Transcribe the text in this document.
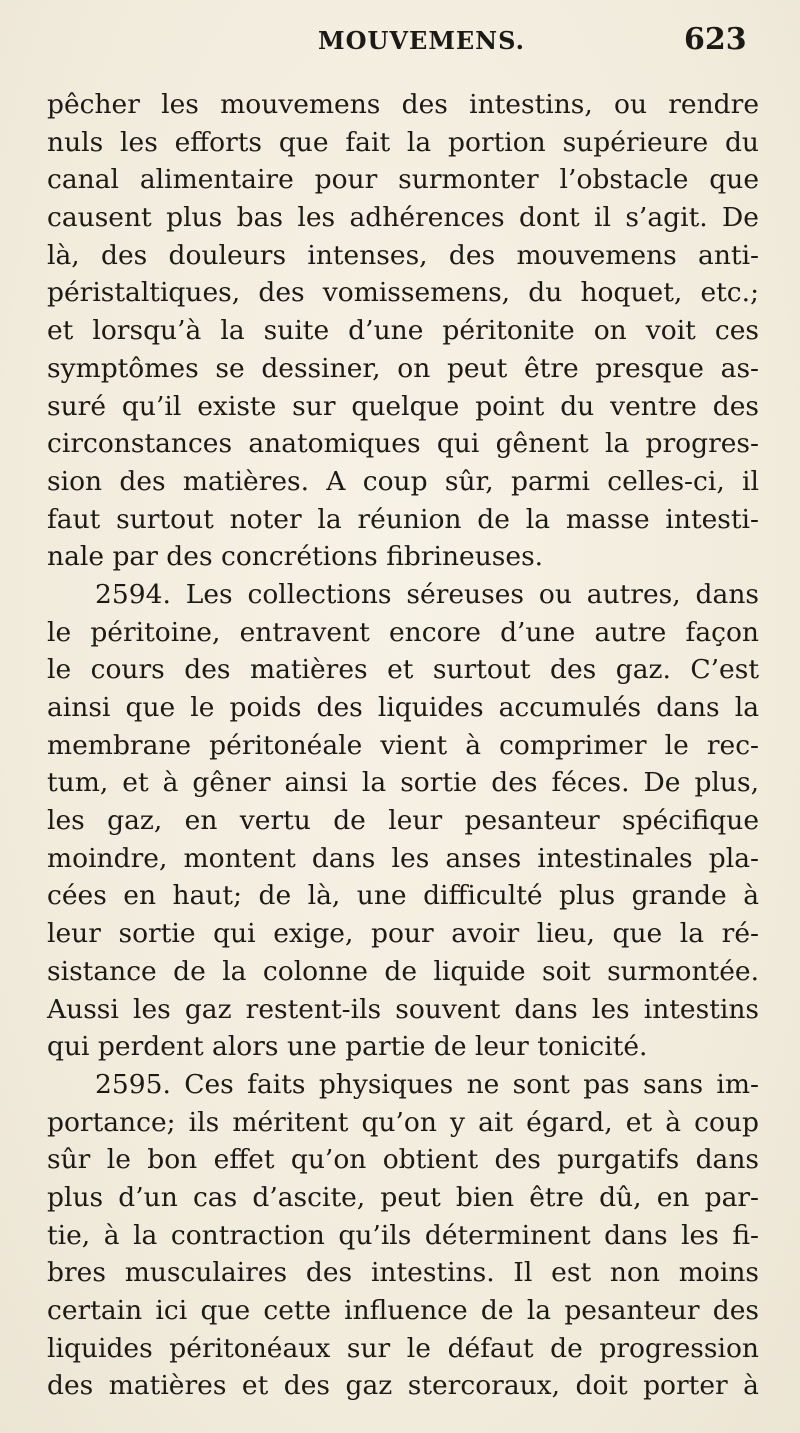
MOUVEMENS.	623
pêcher les mouvemens des intestins, ou rendre
nuls les efforts que fait la portion supérieure du
canal alimentaire pour surmonter l’obstacle que
causent plus bas les adhérences dont il s’agit. De
là, des douleurs intenses, des mouvemens anti-
péristaltiques, des vomissemens, du hoquet, etc.;
et lorsqu’à la suite d’une péritonite on voit ces
symptômes se dessiner, on peut être presque as-
suré qu’il existe sur quelque point du ventre des
circonstances anatomiques qui gênent la progres-
sion des matières. A coup sûr, parmi celles-ci, il
faut surtout noter la réunion de la masse intesti-
nale par des concrétions fibrineuses.
2594. Les collections séreuses ou autres, dans
le péritoine, entravent encore d’une autre façon
le cours des matières et surtout des gaz. C’est
ainsi que le poids des liquides accumulés dans la
membrane péritonéale vient à comprimer le rec-
tum, et à gêner ainsi la sortie des féces. De plus,
les gaz, en vertu de leur pesanteur spécifique
moindre, montent dans les anses intestinales pla-
cées en haut; de là, une difficulté plus grande à
leur sortie qui exige, pour avoir lieu, que la ré-
sistance de la colonne de liquide soit surmontée.
Aussi les gaz restent-ils souvent dans les intestins
qui perdent alors une partie de leur tonicité.
2595. Ces faits physiques ne sont pas sans im-
portance; ils méritent qu’on y ait égard, et à coup
sûr le bon effet qu’on obtient des purgatifs dans
plus d’un cas d’ascite, peut bien être dû, en par-
tie, à la contraction qu’ils déterminent dans les fi-
bres musculaires des intestins. Il est non moins
certain ici que cette influence de la pesanteur des
liquides péritonéaux sur le défaut de progression
des matières et des gaz stercoraux, doit porter à
